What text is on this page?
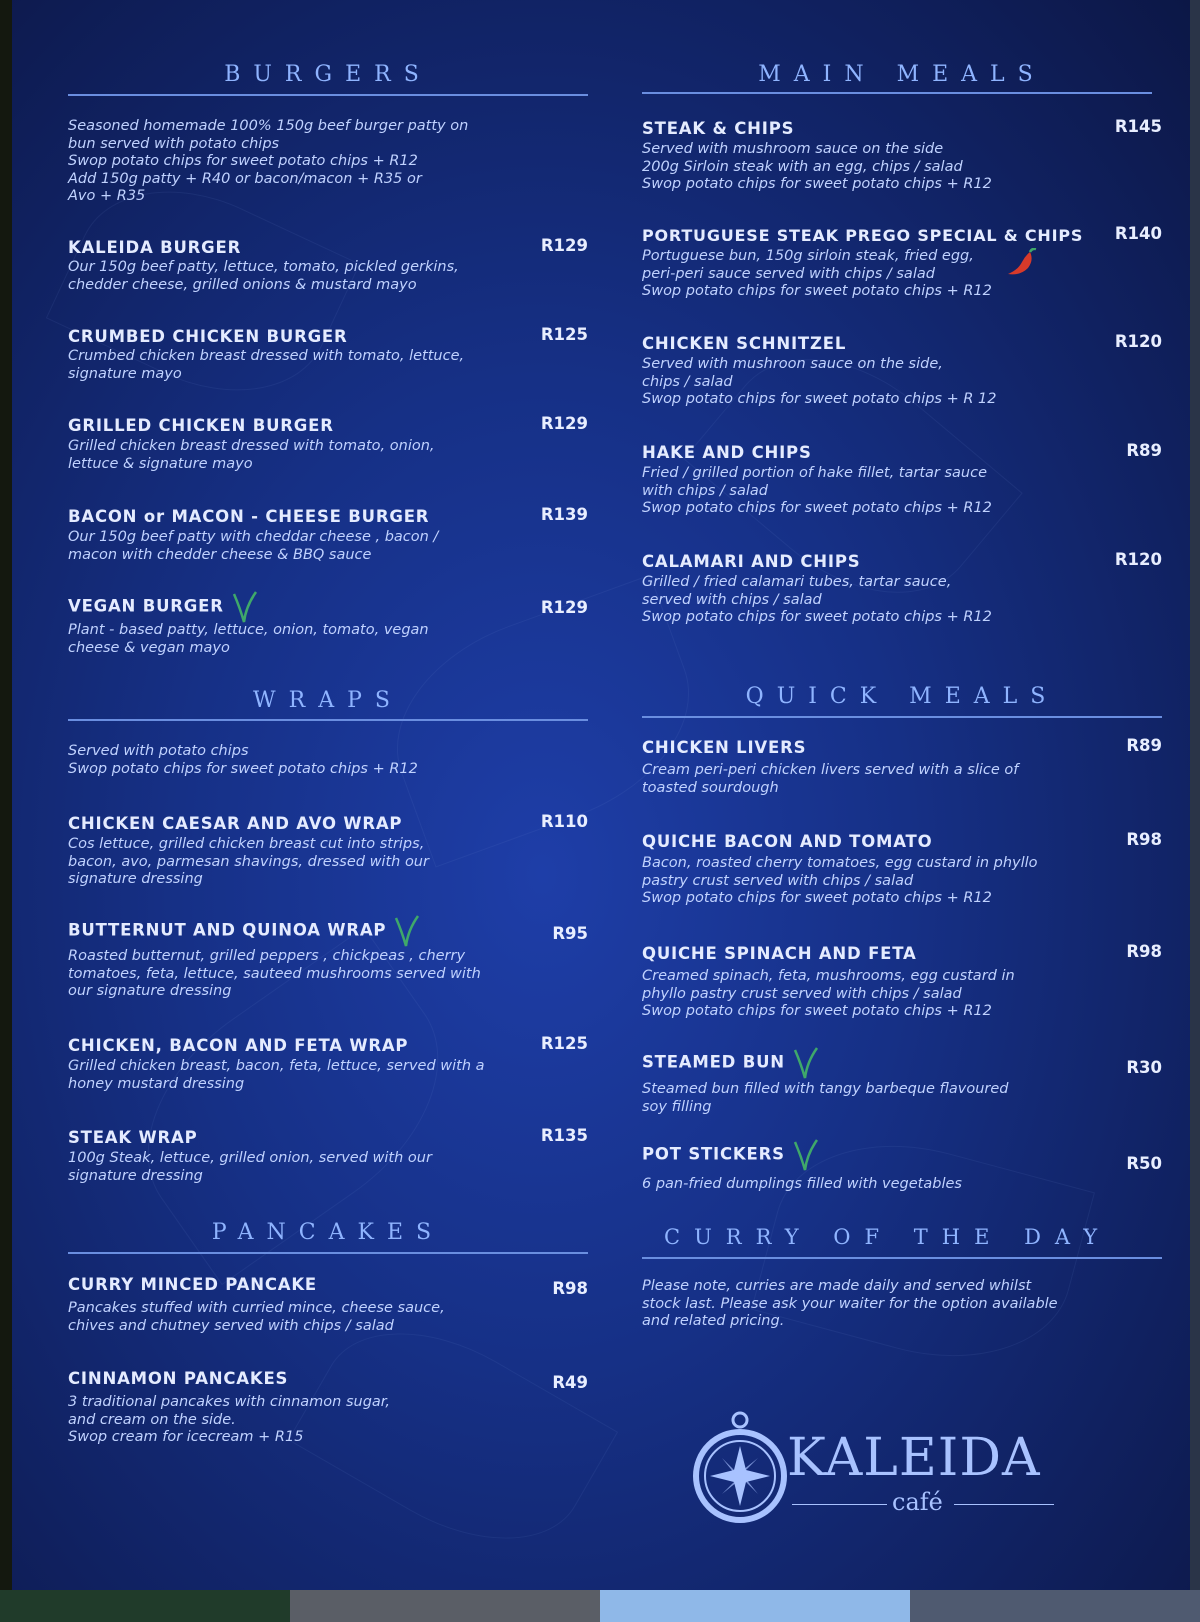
BURGERS
Seasoned homemade 100% 150g beef burger patty on
bun served with potato chips
Swop potato chips for sweet potato chips + R12
Add 150g patty + R40 or bacon/macon + R35 or
Avo + R35
KALEIDA BURGER	R129
Our 150g beef patty, lettuce, tomato, pickled gerkins,
chedder cheese, grilled onions & mustard mayo
CRUMBED CHICKEN BURGER	R125
Crumbed chicken breast dressed with tomato, lettuce,
signature mayo
GRILLED CHICKEN BURGER	R129
Grilled chicken breast dressed with tomato, onion,
lettuce & signature mayo
BACON or MACON - CHEESE BURGER	R139
Our 150g beef patty with cheddar cheese , bacon /
macon with chedder cheese & BBQ sauce
VEGAN BURGER	R129
Plant - based patty, lettuce, onion, tomato, vegan
cheese & vegan mayo
WRAPS
Served with potato chips
Swop potato chips for sweet potato chips + R12
CHICKEN CAESAR AND AVO WRAP	R110
Cos lettuce, grilled chicken breast cut into strips,
bacon, avo, parmesan shavings, dressed with our
signature dressing
BUTTERNUT AND QUINOA WRAP	R95
Roasted butternut, grilled peppers , chickpeas , cherry
tomatoes, feta, lettuce, sauteed mushrooms served with
our signature dressing
CHICKEN, BACON AND FETA WRAP	R125
Grilled chicken breast, bacon, feta, lettuce, served with a
honey mustard dressing
STEAK WRAP	R135
100g Steak, lettuce, grilled onion, served with our
signature dressing
PANCAKES
CURRY MINCED PANCAKE	R98
Pancakes stuffed with curried mince, cheese sauce,
chives and chutney served with chips / salad
CINNAMON PANCAKES	R49
3 traditional pancakes with cinnamon sugar,
and cream on the side.
Swop cream for icecream + R15
MAIN MEALS
STEAK & CHIPS	R145
Served with mushroom sauce on the side
200g Sirloin steak with an egg, chips / salad
Swop potato chips for sweet potato chips + R12
PORTUGUESE STEAK PREGO SPECIAL & CHIPS R140
Portuguese bun, 150g sirloin steak, fried egg,
peri-peri sauce served with chips / salad
Swop potato chips for sweet potato chips + R12
CHICKEN SCHNITZEL	R120
Served with mushroon sauce on the side,
chips / salad
Swop potato chips for sweet potato chips + R 12
HAKE AND CHIPS	R89
Fried / grilled portion of hake fillet, tartar sauce
with chips / salad
Swop potato chips for sweet potato chips + R12
CALAMARI AND CHIPS	R120
Grilled / fried calamari tubes, tartar sauce,
served with chips / salad
Swop potato chips for sweet potato chips + R12
QUICK MEALS
CHICKEN LIVERS	R89
Cream peri-peri chicken livers served with a slice of
toasted sourdough
QUICHE BACON AND TOMATO	R98
Bacon, roasted cherry tomatoes, egg custard in phyllo
pastry crust served with chips / salad
Swop potato chips for sweet potato chips + R12
QUICHE SPINACH AND FETA	R98
Creamed spinach, feta, mushrooms, egg custard in
phyllo pastry crust served with chips / salad
Swop potato chips for sweet potato chips + R12
STEAMED BUN	R30
Steamed bun filled with tangy barbeque flavoured
soy filling
POT STICKERS	R50
6 pan-fried dumplings filled with vegetables
CURRY OF THE DAY
Please note, curries are made daily and served whilst
stock last. Please ask your waiter for the option available
and related pricing.
KALEIDA
café
